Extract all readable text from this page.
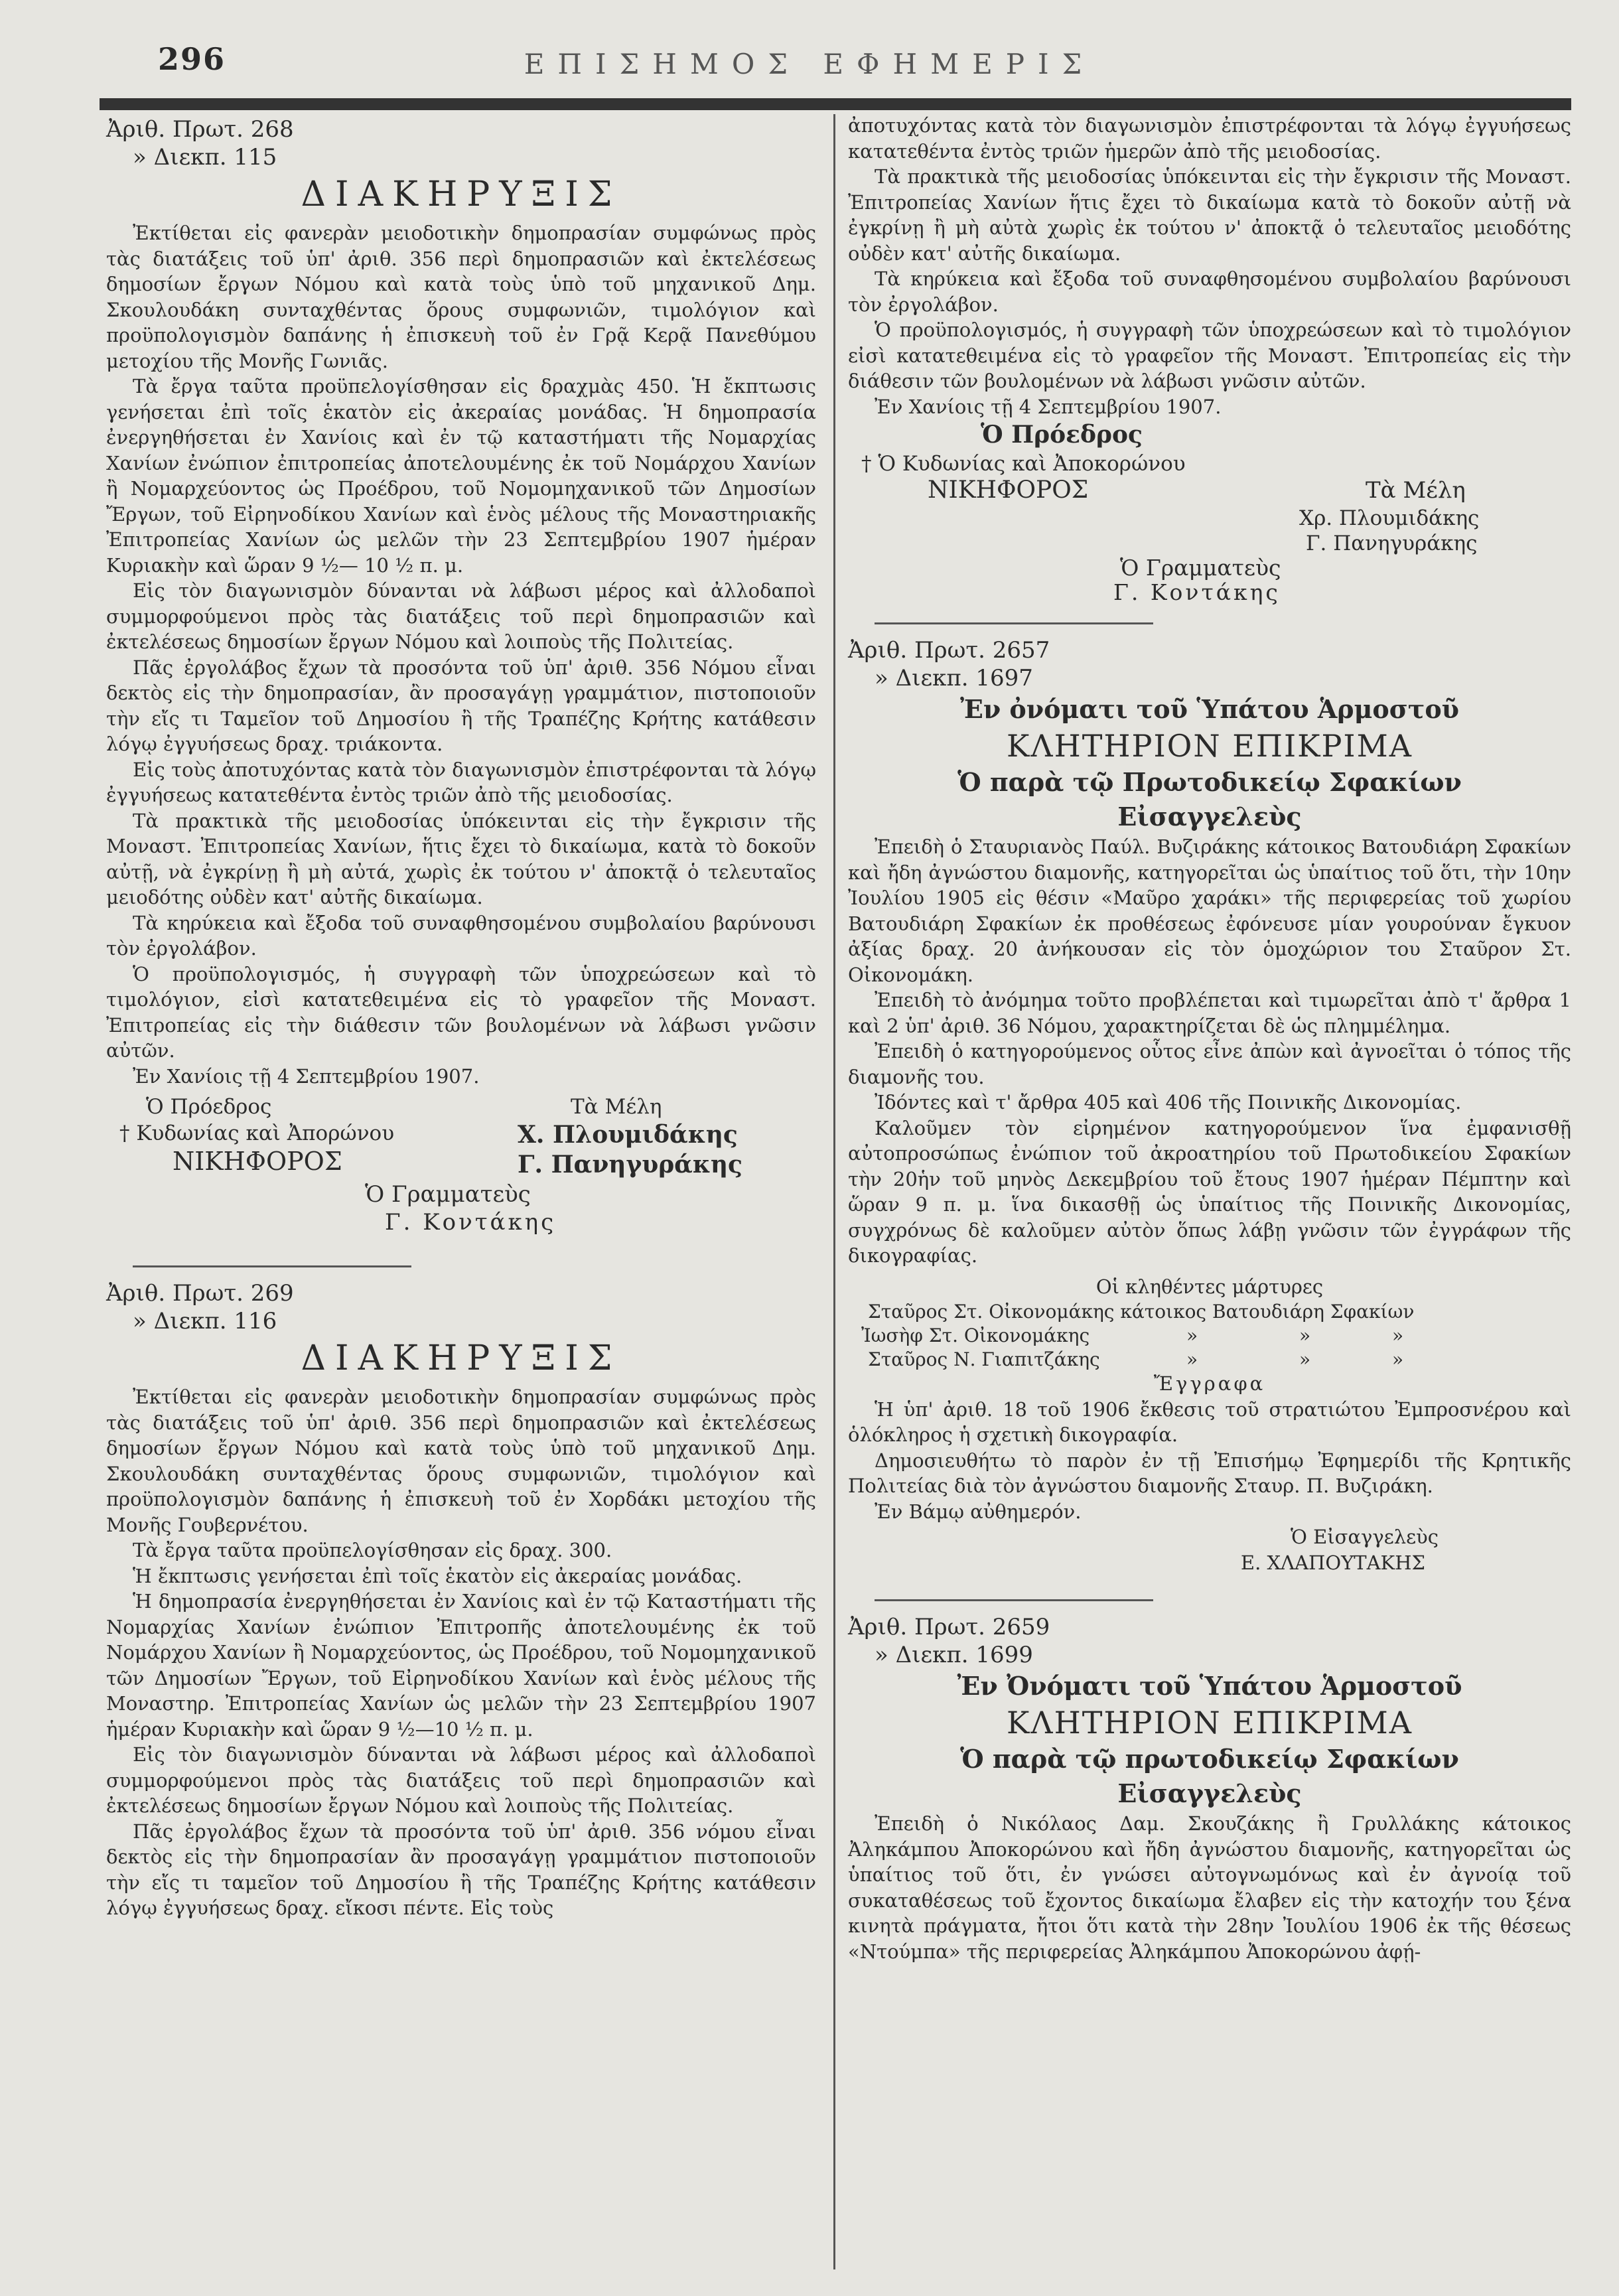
296	ΕΠΙΣΗΜΟΣ ΕΦΗΜΕΡΙΣ
Ἀριθ. Πρωτ. 268
» Διεκπ. 115
ΔΙΑΚΗΡΥΞΙΣ

Ἐκτίθεται εἰς φανερὰν μειοδοτικὴν δημοπρασίαν συμφώνως πρὸς τὰς διατάξεις τοῦ ὑπ' ἀριθ. 356 περὶ δημοπρασιῶν καὶ ἐκτελέσεως δημοσίων ἔργων Νόμου καὶ κατὰ τοὺς ὑπὸ τοῦ μηχανικοῦ Δημ. Σκουλουδάκη συνταχθέντας ὅρους συμφωνιῶν, τιμολόγιον καὶ προϋπολογισμὸν δαπάνης ἡ ἐπισκευὴ τοῦ ἐν Γρᾷ Κερᾷ Πανεθύμου μετοχίου τῆς Μονῆς Γωνιᾶς.

Τὰ ἔργα ταῦτα προϋπελογίσθησαν εἰς δραχμὰς 450. Ἡ ἔκπτωσις γενήσεται ἐπὶ τοῖς ἑκατὸν εἰς ἀκεραίας μονάδας. Ἡ δημοπρασία ἐνεργηθήσεται ἐν Χανίοις καὶ ἐν τῷ καταστήματι τῆς Νομαρχίας Χανίων ἐνώπιον ἐπιτροπείας ἀποτελουμένης ἐκ τοῦ Νομάρχου Χανίων ἢ Νομαρχεύοντος ὡς Προέδρου, τοῦ Νομομηχανικοῦ τῶν Δημοσίων Ἔργων, τοῦ Εἰρηνοδίκου Χανίων καὶ ἑνὸς μέλους τῆς Μοναστηριακῆς Ἐπιτροπείας Χανίων ὡς μελῶν τὴν 23 Σεπτεμβρίου 1907 ἡμέραν Κυριακὴν καὶ ὥραν 9 ½— 10 ½ π. μ.

Εἰς τὸν διαγωνισμὸν δύνανται νὰ λάβωσι μέρος καὶ ἀλλοδαποὶ συμμορφούμενοι πρὸς τὰς διατάξεις τοῦ περὶ δημοπρασιῶν καὶ ἐκτελέσεως δημοσίων ἔργων Νόμου καὶ λοιποὺς τῆς Πολιτείας.

Πᾶς ἐργολάβος ἔχων τὰ προσόντα τοῦ ὑπ' ἀριθ. 356 Νόμου εἶναι δεκτὸς εἰς τὴν δημοπρασίαν, ἂν προσαγάγῃ γραμμάτιον, πιστοποιοῦν τὴν εἴς τι Ταμεῖον τοῦ Δημοσίου ἢ τῆς Τραπέζης Κρήτης κατάθεσιν λόγῳ ἐγγυήσεως δραχ. τριάκοντα.

Εἰς τοὺς ἀποτυχόντας κατὰ τὸν διαγωνισμὸν ἐπιστρέφονται τὰ λόγῳ ἐγγυήσεως κατατεθέντα ἐντὸς τριῶν ἀπὸ τῆς μειοδοσίας.

Τὰ πρακτικὰ τῆς μειοδοσίας ὑπόκεινται εἰς τὴν ἔγκρισιν τῆς Μοναστ. Ἐπιτροπείας Χανίων, ἥτις ἔχει τὸ δικαίωμα, κατὰ τὸ δοκοῦν αὐτῇ, νὰ ἐγκρίνῃ ἢ μὴ αὐτά, χωρὶς ἐκ τούτου ν' ἀποκτᾷ ὁ τελευταῖος μειοδότης οὐδὲν κατ' αὐτῆς δικαίωμα.

Τὰ κηρύκεια καὶ ἔξοδα τοῦ συναφθησομένου συμβολαίου βαρύνουσι τὸν ἐργολάβον.

Ὁ προϋπολογισμός, ἡ συγγραφὴ τῶν ὑποχρεώσεων καὶ τὸ τιμολόγιον, εἰσὶ κατατεθειμένα εἰς τὸ γραφεῖον τῆς Μοναστ. Ἐπιτροπείας εἰς τὴν διάθεσιν τῶν βουλομένων νὰ λάβωσι γνῶσιν αὐτῶν.

Ἐν Χανίοις τῇ 4 Σεπτεμβρίου 1907.

Ὁ Πρόεδρος
† Κυδωνίας καὶ Ἀπορώνου
ΝΙΚΗΦΟΡΟΣ
Τὰ Μέλη
Χ. Πλουμιδάκης
Γ. Πανηγυράκης
Ὁ Γραμματεὺς
Γ. Κοντάκης
Ἀριθ. Πρωτ. 269
» Διεκπ. 116
ΔΙΑΚΗΡΥΞΙΣ

Ἐκτίθεται εἰς φανερὰν μειοδοτικὴν δημοπρασίαν συμφώνως πρὸς τὰς διατάξεις τοῦ ὑπ' ἀριθ. 356 περὶ δημοπρασιῶν καὶ ἐκτελέσεως δημοσίων ἔργων Νόμου καὶ κατὰ τοὺς ὑπὸ τοῦ μηχανικοῦ Δημ. Σκουλουδάκη συνταχθέντας ὅρους συμφωνιῶν, τιμολόγιον καὶ προϋπολογισμὸν δαπάνης ἡ ἐπισκευὴ τοῦ ἐν Χορδάκι μετοχίου τῆς Μονῆς Γουβερνέτου.

Τὰ ἔργα ταῦτα προϋπελογίσθησαν εἰς δραχ. 300.

Ἡ ἔκπτωσις γενήσεται ἐπὶ τοῖς ἑκατὸν εἰς ἀκεραίας μονάδας.

Ἡ δημοπρασία ἐνεργηθήσεται ἐν Χανίοις καὶ ἐν τῷ Καταστήματι τῆς Νομαρχίας Χανίων ἐνώπιον Ἐπιτροπῆς ἀποτελουμένης ἐκ τοῦ Νομάρχου Χανίων ἢ Νομαρχεύοντος, ὡς Προέδρου, τοῦ Νομομηχανικοῦ τῶν Δημοσίων Ἔργων, τοῦ Εἰρηνοδίκου Χανίων καὶ ἑνὸς μέλους τῆς Μοναστηρ. Ἐπιτροπείας Χανίων ὡς μελῶν τὴν 23 Σεπτεμβρίου 1907 ἡμέραν Κυριακὴν καὶ ὥραν 9 ½—10 ½ π. μ.

Εἰς τὸν διαγωνισμὸν δύνανται νὰ λάβωσι μέρος καὶ ἀλλοδαποὶ συμμορφούμενοι πρὸς τὰς διατάξεις τοῦ περὶ δημοπρασιῶν καὶ ἐκτελέσεως δημοσίων ἔργων Νόμου καὶ λοιποὺς τῆς Πολιτείας.

Πᾶς ἐργολάβος ἔχων τὰ προσόντα τοῦ ὑπ' ἀριθ. 356 νόμου εἶναι δεκτὸς εἰς τὴν δημοπρασίαν ἂν προσαγάγῃ γραμμάτιον πιστοποιοῦν τὴν εἴς τι ταμεῖον τοῦ Δημοσίου ἢ τῆς Τραπέζης Κρήτης κατάθεσιν λόγῳ ἐγγυήσεως δραχ. εἴκοσι πέντε. Εἰς τοὺς

ἀποτυχόντας κατὰ τὸν διαγωνισμὸν ἐπιστρέφονται τὰ λόγῳ ἐγγυήσεως κατατεθέντα ἐντὸς τριῶν ἡμερῶν ἀπὸ τῆς μειοδοσίας.

Τὰ πρακτικὰ τῆς μειοδοσίας ὑπόκεινται εἰς τὴν ἔγκρισιν τῆς Μοναστ. Ἐπιτροπείας Χανίων ἥτις ἔχει τὸ δικαίωμα κατὰ τὸ δοκοῦν αὐτῇ νὰ ἐγκρίνῃ ἢ μὴ αὐτὰ χωρὶς ἐκ τούτου ν' ἀποκτᾷ ὁ τελευταῖος μειοδότης οὐδὲν κατ' αὐτῆς δικαίωμα.

Τὰ κηρύκεια καὶ ἔξοδα τοῦ συναφθησομένου συμβολαίου βαρύνουσι τὸν ἐργολάβον.

Ὁ προϋπολογισμός, ἡ συγγραφὴ τῶν ὑποχρεώσεων καὶ τὸ τιμολόγιον εἰσὶ κατατεθειμένα εἰς τὸ γραφεῖον τῆς Μοναστ. Ἐπιτροπείας εἰς τὴν διάθεσιν τῶν βουλομένων νὰ λάβωσι γνῶσιν αὐτῶν.

Ἐν Χανίοις τῇ 4 Σεπτεμβρίου 1907.

Ὁ Πρόεδρος
† Ὁ Κυδωνίας καὶ Ἀποκορώνου
ΝΙΚΗΦΟΡΟΣ	Τὰ Μέλη
Χρ. Πλουμιδάκης
Γ. Πανηγυράκης
Ὁ Γραμματεὺς
Γ. Κοντάκης
Ἀριθ. Πρωτ. 2657
» Διεκπ. 1697
Ἐν ὀνόματι τοῦ Ὑπάτου Ἁρμοστοῦ
ΚΛΗΤΗΡΙΟΝ ΕΠΙΚΡΙΜΑ
Ὁ παρὰ τῷ Πρωτοδικείῳ Σφακίων
Εἰσαγγελεὺς

Ἐπειδὴ ὁ Σταυριανὸς Παύλ. Βυζιράκης κάτοικος Βατουδιάρη Σφακίων καὶ ἤδη ἀγνώστου διαμονῆς, κατηγορεῖται ὡς ὑπαίτιος τοῦ ὅτι, τὴν 10ην Ἰουλίου 1905 εἰς θέσιν «Μαῦρο χαράκι» τῆς περιφερείας τοῦ χωρίου Βατουδιάρη Σφακίων ἐκ προθέσεως ἐφόνευσε μίαν γουρούναν ἔγκυον ἀξίας δραχ. 20 ἀνήκουσαν εἰς τὸν ὁμοχώριον του Σταῦρον Στ. Οἰκονομάκη.

Ἐπειδὴ τὸ ἀνόμημα τοῦτο προβλέπεται καὶ τιμωρεῖται ἀπὸ τ' ἄρθρα 1 καὶ 2 ὑπ' ἀριθ. 36 Νόμου, χαρακτηρίζεται δὲ ὡς πλημμέλημα.

Ἐπειδὴ ὁ κατηγορούμενος οὗτος εἶνε ἀπὼν καὶ ἀγνοεῖται ὁ τόπος τῆς διαμονῆς του.

Ἰδόντες καὶ τ' ἄρθρα 405 καὶ 406 τῆς Ποινικῆς Δικονομίας.

Καλοῦμεν τὸν εἰρημένον κατηγορούμενον ἵνα ἐμφανισθῇ αὐτοπροσώπως ἐνώπιον τοῦ ἀκροατηρίου τοῦ Πρωτοδικείου Σφακίων τὴν 20ἡν τοῦ μηνὸς Δεκεμβρίου τοῦ ἔτους 1907 ἡμέραν Πέμπτην καὶ ὥραν 9 π. μ. ἵνα δικασθῇ ὡς ὑπαίτιος τῆς Ποινικῆς Δικονομίας, συγχρόνως δὲ καλοῦμεν αὐτὸν ὅπως λάβῃ γνῶσιν τῶν ἐγγράφων τῆς δικογραφίας.

Οἱ κληθέντες μάρτυρες
Σταῦρος Στ. Οἰκονομάκης κάτοικος Βατουδιάρη Σφακίων
Ἰωσὴφ Στ. Οἰκονομάκης	»	»	»
Σταῦρος Ν. Γιαπιτζάκης	»	»	»
Ἔγγραφα

Ἡ ὑπ' ἀριθ. 18 τοῦ 1906 ἔκθεσις τοῦ στρατιώτου Ἐμπροσνέρου καὶ ὁλόκληρος ἡ σχετικὴ δικογραφία.

Δημοσιευθήτω τὸ παρὸν ἐν τῇ Ἐπισήμῳ Ἐφημερίδι τῆς Κρητικῆς Πολιτείας διὰ τὸν ἀγνώστου διαμονῆς Σταυρ. Π. Βυζιράκη.

Ἐν Βάμῳ αὐθημερόν.

Ὁ Εἰσαγγελεὺς
Ε. ΧΛΑΠΟΥΤΑΚΗΣ
Ἀριθ. Πρωτ. 2659
» Διεκπ. 1699
Ἐν Ὀνόματι τοῦ Ὑπάτου Ἁρμοστοῦ
ΚΛΗΤΗΡΙΟΝ ΕΠΙΚΡΙΜΑ
Ὁ παρὰ τῷ πρωτοδικείῳ Σφακίων
Εἰσαγγελεὺς

Ἐπειδὴ ὁ Νικόλαος Δαμ. Σκουζάκης ἢ Γρυλλάκης κάτοικος Ἀληκάμπου Ἀποκορώνου καὶ ἤδη ἀγνώστου διαμονῆς, κατηγορεῖται ὡς ὑπαίτιος τοῦ ὅτι, ἐν γνώσει αὐτογνωμόνως καὶ ἐν ἀγνοίᾳ τοῦ συκαταθέσεως τοῦ ἔχοντος δικαίωμα ἔλαβεν εἰς τὴν κατοχήν του ξένα κινητὰ πράγματα, ἤτοι ὅτι κατὰ τὴν 28ην Ἰουλίου 1906 ἐκ τῆς θέσεως «Ντούμπα» τῆς περιφερείας Ἀληκάμπου Ἀποκορώνου ἀφῄ-
